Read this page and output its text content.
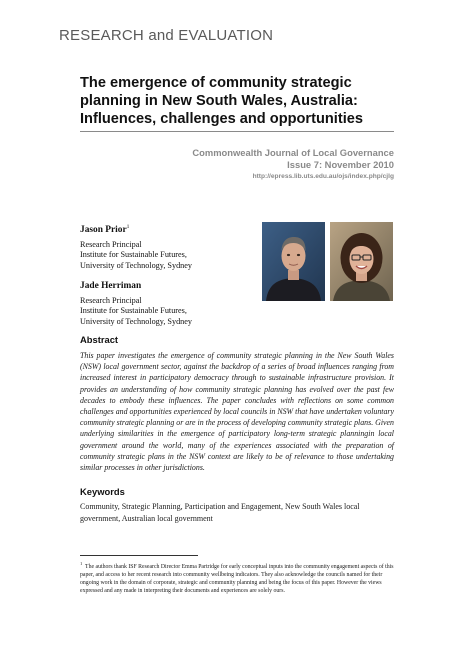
RESEARCH and EVALUATION
The emergence of community strategic planning in New South Wales, Australia: Influences, challenges and opportunities
Commonwealth Journal of Local Governance
Issue 7: November 2010
http://epress.lib.uts.edu.au/ojs/index.php/cjlg
Jason Prior$^1$
Research Principal
Institute for Sustainable Futures,
University of Technology, Sydney
Jade Herriman
Research Principal
Institute for Sustainable Futures,
University of Technology, Sydney
Abstract
This paper investigates the emergence of community strategic planning in the New South Wales (NSW) local government sector, against the backdrop of a series of broad influences ranging from increased interest in participatory democracy through to sustainable infrastructure provision. It provides an understanding of how community strategic planning has evolved over the past few decades to embody these influences. The paper concludes with reflections on some common challenges and opportunities experienced by local councils in NSW that have undertaken voluntary community strategic planning or are in the process of developing community strategic plans. Given underlying similarities in the emergence of participatory long-term strategic planningin local government around the world, many of the experiences associated with the preparation of community strategic plans in the NSW context are likely to be of relevance to those undertaking similar processes in other jurisdictions.
Keywords
Community, Strategic Planning, Participation and Engagement, New South Wales local government, Australian local government
$^1$  The authors thank ISF Research Director Emma Partridge for early conceptual inputs into the community engagement aspects of this paper, and access to her recent research into community wellbeing indicators. They also acknowledge the councils named for their ongoing work in the domain of corporate, strategic and community planning and being the focus of this paper. However the views expressed and any made in interpreting their documents and experiences are solely ours.
